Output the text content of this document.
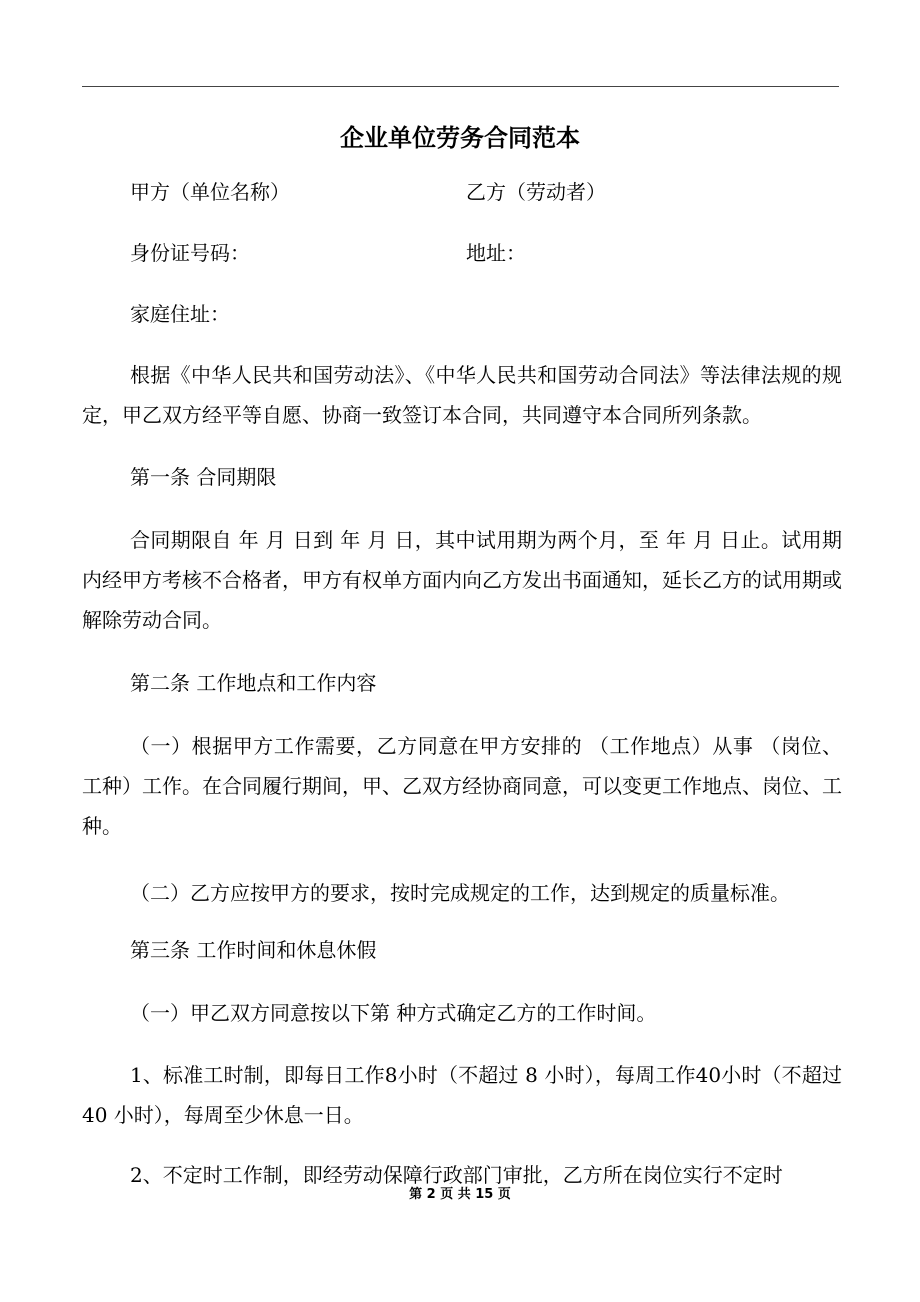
企业单位劳务合同范本
甲方（单位名称）	乙方（劳动者）
身份证号码：	地址：
家庭住址：
根据《中华人民共和国劳动法》、《中华人民共和国劳动合同法》等法律法规的规定，甲乙双方经平等自愿、协商一致签订本合同，共同遵守本合同所列条款。
第一条 合同期限
合同期限自 年 月 日到 年 月 日，其中试用期为两个月，至 年 月 日止。试用期内经甲方考核不合格者，甲方有权单方面内向乙方发出书面通知，延长乙方的试用期或解除劳动合同。
第二条 工作地点和工作内容
（一）根据甲方工作需要，乙方同意在甲方安排的 （工作地点）从事 （岗位、工种）工作。在合同履行期间，甲、乙双方经协商同意，可以变更工作地点、岗位、工种。
（二）乙方应按甲方的要求，按时完成规定的工作，达到规定的质量标准。
第三条 工作时间和休息休假
（一）甲乙双方同意按以下第 种方式确定乙方的工作时间。
1、标准工时制，即每日工作8小时（不超过 8 小时），每周工作40小时（不超过 40 小时），每周至少休息一日。
2、不定时工作制，即经劳动保障行政部门审批，乙方所在岗位实行不定时
第 2 页 共 15 页
